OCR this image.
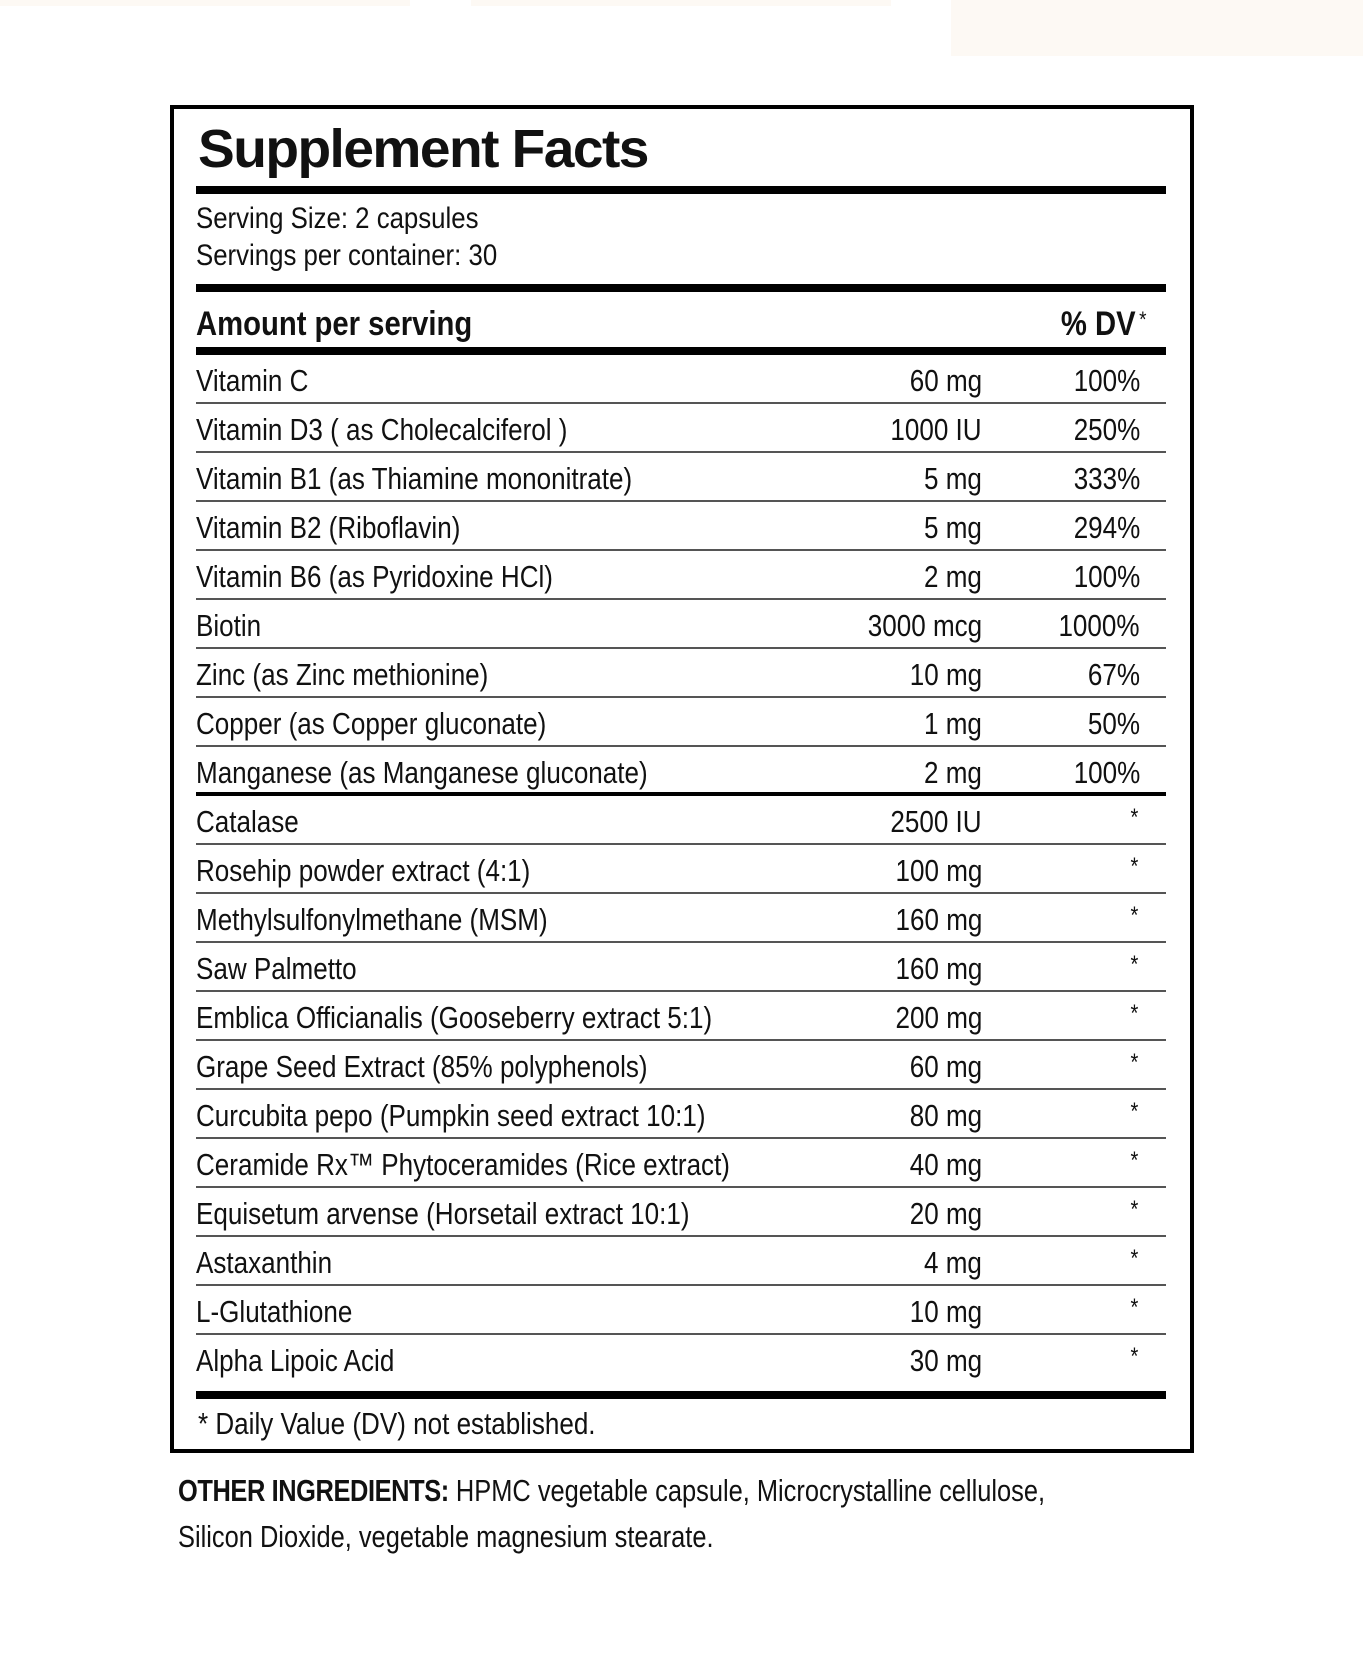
Supplement Facts
Serving Size: 2 capsules
Servings per container: 30
Amount per serving	% DV *
Vitamin C	60 mg	100%
Vitamin D3 ( as Cholecalciferol )	1000 IU	250%
Vitamin B1 (as Thiamine mononitrate)	5 mg	333%
Vitamin B2 (Riboflavin)	5 mg	294%
Vitamin B6 (as Pyridoxine HCl)	2 mg	100%
Biotin	3000 mcg 1000%
Zinc (as Zinc methionine)	10 mg	67%
Copper (as Copper gluconate)	1 mg	50%
Manganese (as Manganese gluconate)	2 mg	100%
Catalase	2500 IU	*
Rosehip powder extract (4:1)	100 mg	*
Methylsulfonylmethane (MSM)	160 mg	*
Saw Palmetto	160 mg	*
Emblica Officianalis (Gooseberry extract 5:1)	200 mg	*
Grape Seed Extract (85% polyphenols)	60 mg	*
Curcubita pepo (Pumpkin seed extract 10:1)	80 mg	*
Ceramide Rx™ Phytoceramides (Rice extract)	40 mg	*
Equisetum arvense (Horsetail extract 10:1)	20 mg	*
Astaxanthin	4 mg	*
L-Glutathione	10 mg	*
Alpha Lipoic Acid	30 mg	*
* Daily Value (DV) not established.
OTHER INGREDIENTS: HPMC vegetable capsule, Microcrystalline cellulose,
Silicon Dioxide, vegetable magnesium stearate.
